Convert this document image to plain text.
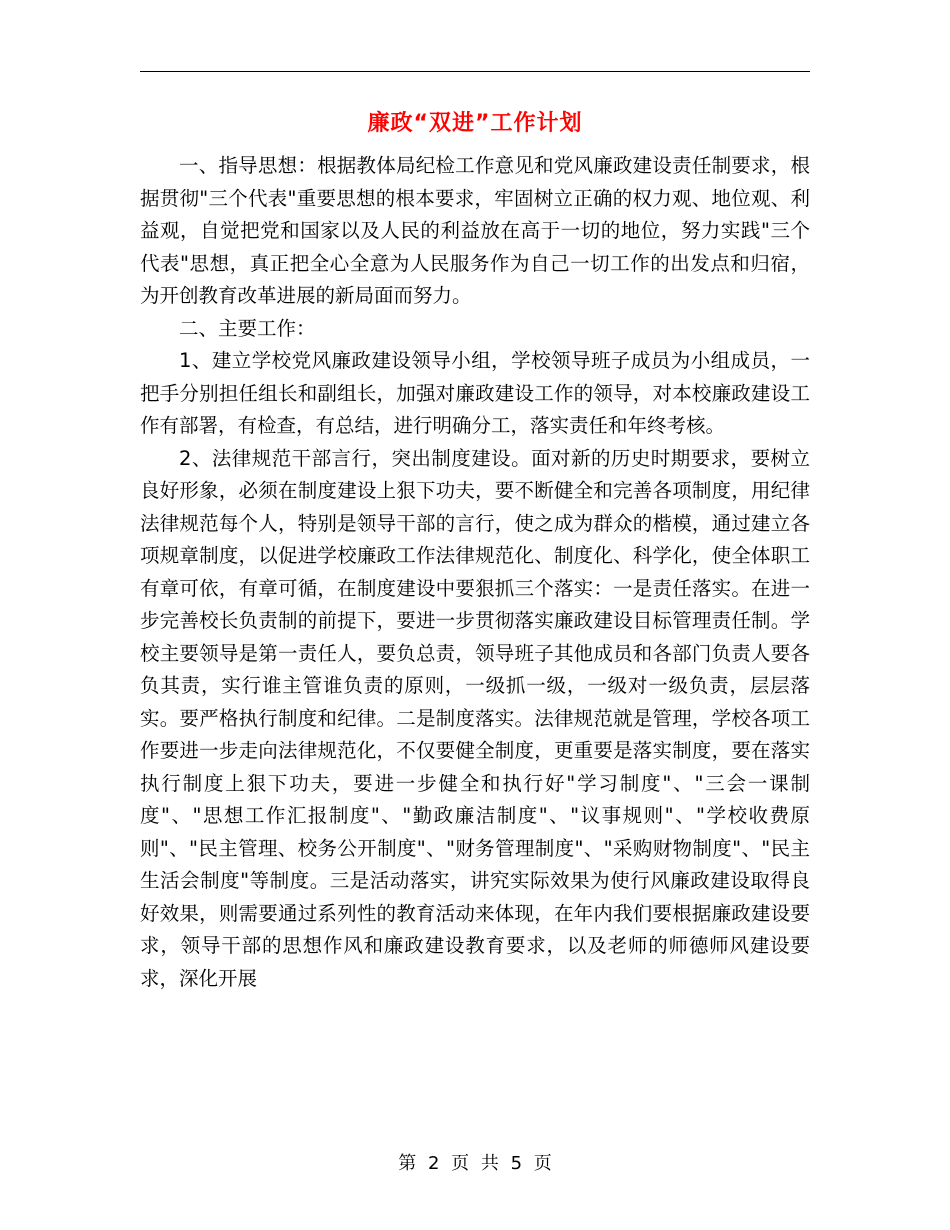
廉政“双进”工作计划

一、指导思想：根据教体局纪检工作意见和党风廉政建设责任制要求，根据贯彻"三个代表"重要思想的根本要求，牢固树立正确的权力观、地位观、利益观，自觉把党和国家以及人民的利益放在高于一切的地位，努力实践"三个代表"思想，真正把全心全意为人民服务作为自己一切工作的出发点和归宿，为开创教育改革进展的新局面而努力。

二、主要工作：

1、建立学校党风廉政建设领导小组，学校领导班子成员为小组成员，一把手分别担任组长和副组长，加强对廉政建设工作的领导，对本校廉政建设工作有部署，有检查，有总结，进行明确分工，落实责任和年终考核。

2、法律规范干部言行，突出制度建设。面对新的历史时期要求，要树立良好形象，必须在制度建设上狠下功夫，要不断健全和完善各项制度，用纪律法律规范每个人，特别是领导干部的言行，使之成为群众的楷模，通过建立各项规章制度，以促进学校廉政工作法律规范化、制度化、科学化，使全体职工有章可依，有章可循，在制度建设中要狠抓三个落实：一是责任落实。在进一步完善校长负责制的前提下，要进一步贯彻落实廉政建设目标管理责任制。学校主要领导是第一责任人，要负总责，领导班子其他成员和各部门负责人要各负其责，实行谁主管谁负责的原则，一级抓一级，一级对一级负责，层层落实。要严格执行制度和纪律。二是制度落实。法律规范就是管理，学校各项工作要进一步走向法律规范化，不仅要健全制度，更重要是落实制度，要在落实执行制度上狠下功夫，要进一步健全和执行好"学习制度"、"三会一课制度"、"思想工作汇报制度"、"勤政廉洁制度"、"议事规则"、"学校收费原则"、"民主管理、校务公开制度"、"财务管理制度"、"采购财物制度"、"民主生活会制度"等制度。三是活动落实，讲究实际效果为使行风廉政建设取得良好效果，则需要通过系列性的教育活动来体现，在年内我们要根据廉政建设要求，领导干部的思想作风和廉政建设教育要求，以及老师的师德师风建设要求，深化开展

第 2 页 共 5 页
